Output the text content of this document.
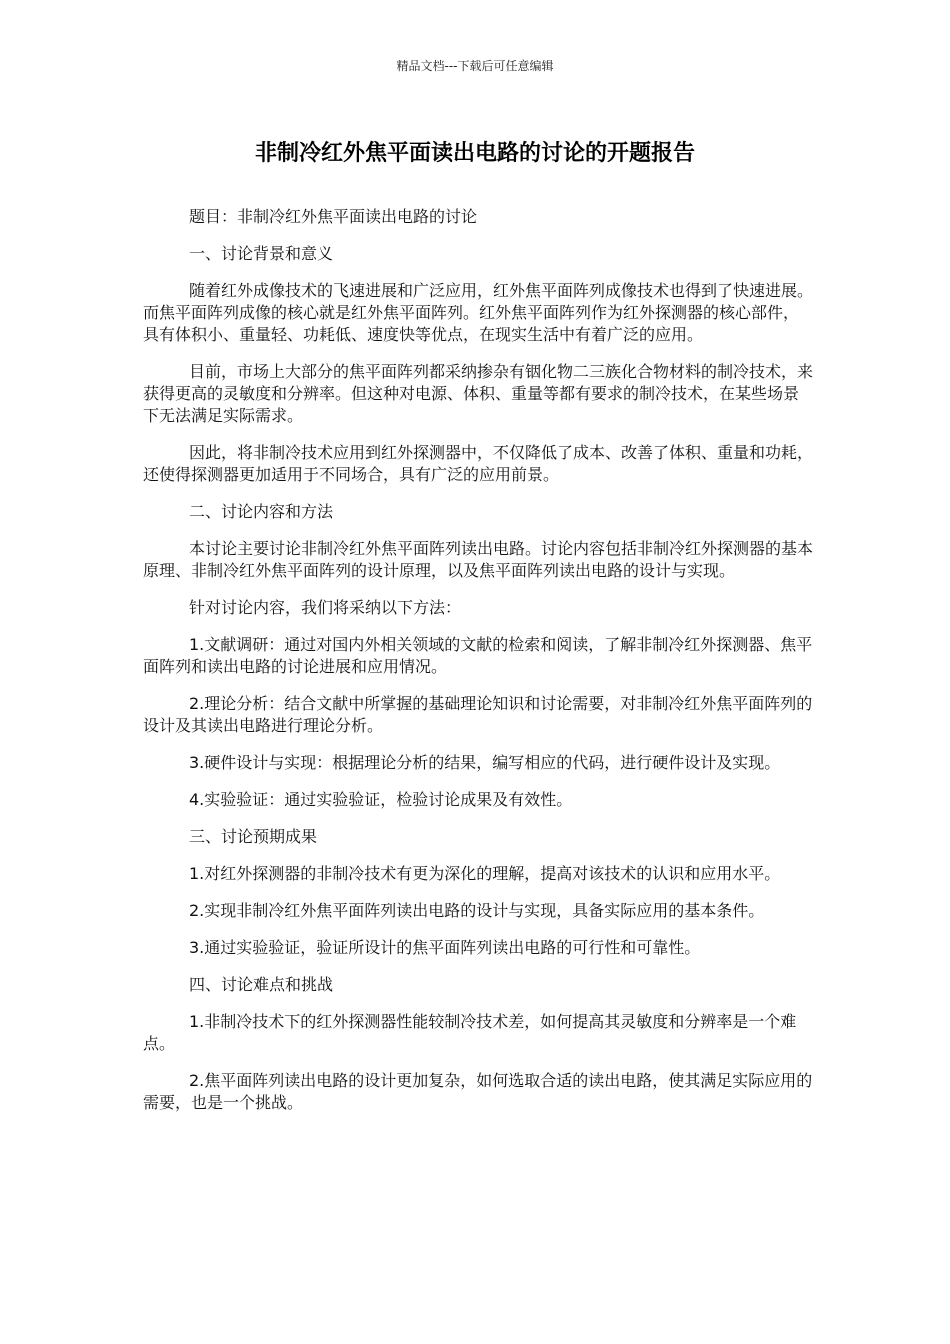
精品文档---下载后可任意编辑
非制冷红外焦平面读出电路的讨论的开题报告

题目：非制冷红外焦平面读出电路的讨论

一、讨论背景和意义

随着红外成像技术的飞速进展和广泛应用，红外焦平面阵列成像技术也得到了快速进展。而焦平面阵列成像的核心就是红外焦平面阵列。红外焦平面阵列作为红外探测器的核心部件，具有体积小、重量轻、功耗低、速度快等优点，在现实生活中有着广泛的应用。

目前，市场上大部分的焦平面阵列都采纳掺杂有铟化物二三族化合物材料的制冷技术，来获得更高的灵敏度和分辨率。但这种对电源、体积、重量等都有要求的制冷技术，在某些场景下无法满足实际需求。

因此，将非制冷技术应用到红外探测器中，不仅降低了成本、改善了体积、重量和功耗，还使得探测器更加适用于不同场合，具有广泛的应用前景。

二、讨论内容和方法

本讨论主要讨论非制冷红外焦平面阵列读出电路。讨论内容包括非制冷红外探测器的基本原理、非制冷红外焦平面阵列的设计原理，以及焦平面阵列读出电路的设计与实现。

针对讨论内容，我们将采纳以下方法：

1.文献调研：通过对国内外相关领域的文献的检索和阅读，了解非制冷红外探测器、焦平面阵列和读出电路的讨论进展和应用情况。

2.理论分析：结合文献中所掌握的基础理论知识和讨论需要，对非制冷红外焦平面阵列的设计及其读出电路进行理论分析。

3.硬件设计与实现：根据理论分析的结果，编写相应的代码，进行硬件设计及实现。

4.实验验证：通过实验验证，检验讨论成果及有效性。

三、讨论预期成果

1.对红外探测器的非制冷技术有更为深化的理解，提高对该技术的认识和应用水平。

2.实现非制冷红外焦平面阵列读出电路的设计与实现，具备实际应用的基本条件。

3.通过实验验证，验证所设计的焦平面阵列读出电路的可行性和可靠性。

四、讨论难点和挑战

1.非制冷技术下的红外探测器性能较制冷技术差，如何提高其灵敏度和分辨率是一个难点。

2.焦平面阵列读出电路的设计更加复杂，如何选取合适的读出电路，使其满足实际应用的需要，也是一个挑战。
